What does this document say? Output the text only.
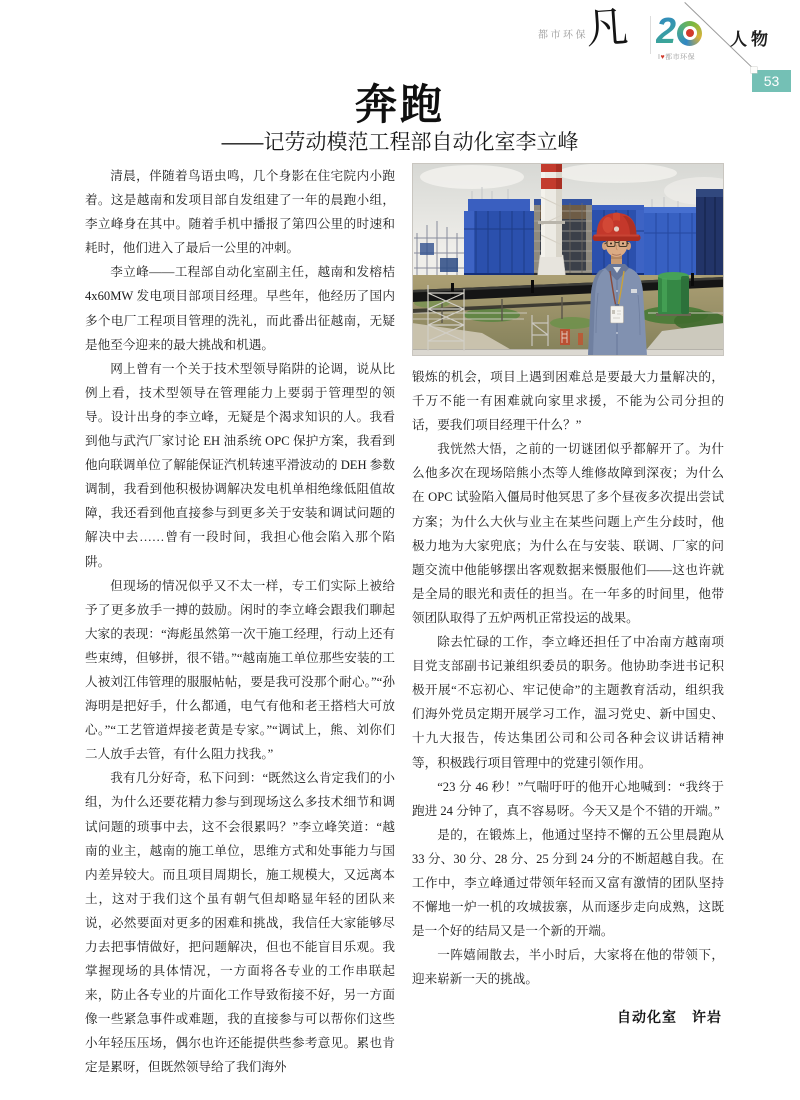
都市环保
凡 2
I♥都市环保
人物
53
奔跑
——记劳动模范工程部自动化室李立峰

清晨，伴随着鸟语虫鸣，几个身影在住宅院内小跑着。这是越南和发项目部自发组建了一年的晨跑小组，李立峰身在其中。随着手机中播报了第四公里的时速和耗时，他们进入了最后一公里的冲刺。

李立峰——工程部自动化室副主任，越南和发榕桔 4x60MW 发电项目部项目经理。早些年，他经历了国内多个电厂工程项目管理的洗礼，而此番出征越南，无疑是他至今迎来的最大挑战和机遇。

网上曾有一个关于技术型领导陷阱的论调，说从比例上看，技术型领导在管理能力上要弱于管理型的领导。设计出身的李立峰，无疑是个渴求知识的人。我看到他与武汽厂家讨论 EH 油系统 OPC 保护方案，我看到他向联调单位了解能保证汽机转速平滑波动的 DEH 参数调制，我看到他积极协调解决发电机单相绝缘低阻值故障，我还看到他直接参与到更多关于安装和调试问题的解决中去……曾有一段时间，我担心他会陷入那个陷阱。

但现场的情况似乎又不太一样，专工们实际上被给予了更多放手一搏的鼓励。闲时的李立峰会跟我们聊起大家的表现：“海彪虽然第一次干施工经理，行动上还有些束缚，但够拼，很不错。”“越南施工单位那些安装的工人被刘江伟管理的服服帖帖，要是我可没那个耐心。”“孙海明是把好手，什么都通，电气有他和老王搭档大可放心。”“工艺管道焊接老黄是专家。”“调试上，熊、刘你们二人放手去管，有什么阻力找我。”

我有几分好奇，私下问到：“既然这么肯定我们的小组，为什么还要花精力参与到现场这么多技术细节和调试问题的琐事中去，这不会很累吗？”李立峰笑道：“越南的业主，越南的施工单位，思维方式和处事能力与国内差异较大。而且项目周期长，施工规模大，又远离本土，这对于我们这个虽有朝气但却略显年轻的团队来说，必然要面对更多的困难和挑战，我信任大家能够尽力去把事情做好，把问题解决，但也不能盲目乐观。我掌握现场的具体情况，一方面将各专业的工作串联起来，防止各专业的片面化工作导致衔接不好，另一方面像一些紧急事件或难题，我的直接参与可以帮你们这些小年轻压压场，偶尔也许还能提供些参考意见。累也肯定是累呀，但既然领导给了我们海外

锻炼的机会，项目上遇到困难总是要最大力量解决的，千万不能一有困难就向家里求援，不能为公司分担的话，要我们项目经理干什么？”

我恍然大悟，之前的一切谜团似乎都解开了。为什么他多次在现场陪熊小杰等人维修故障到深夜；为什么在 OPC 试验陷入僵局时他冥思了多个昼夜多次提出尝试方案；为什么大伙与业主在某些问题上产生分歧时，他极力地为大家兜底；为什么在与安装、联调、厂家的问题交流中他能够摆出客观数据来慑服他们——这也许就是全局的眼光和责任的担当。在一年多的时间里，他带领团队取得了五炉两机正常投运的战果。

除去忙碌的工作，李立峰还担任了中冶南方越南项目党支部副书记兼组织委员的职务。他协助李进书记积极开展“不忘初心、牢记使命”的主题教育活动，组织我们海外党员定期开展学习工作，温习党史、新中国史、十九大报告，传达集团公司和公司各种会议讲话精神等，积极践行项目管理中的党建引领作用。

“23 分 46 秒！”气喘吁吁的他开心地喊到：“我终于跑进 24 分钟了，真不容易呀。今天又是个不错的开端。”

是的，在锻炼上，他通过坚持不懈的五公里晨跑从 33 分、30 分、28 分、25 分到 24 分的不断超越自我。在工作中，李立峰通过带领年轻而又富有激情的团队坚持不懈地一炉一机的攻城拔寨，从而逐步走向成熟，这既是一个好的结局又是一个新的开端。

一阵嬉闹散去，半小时后，大家将在他的带领下，迎来崭新一天的挑战。

自动化室　许岩
